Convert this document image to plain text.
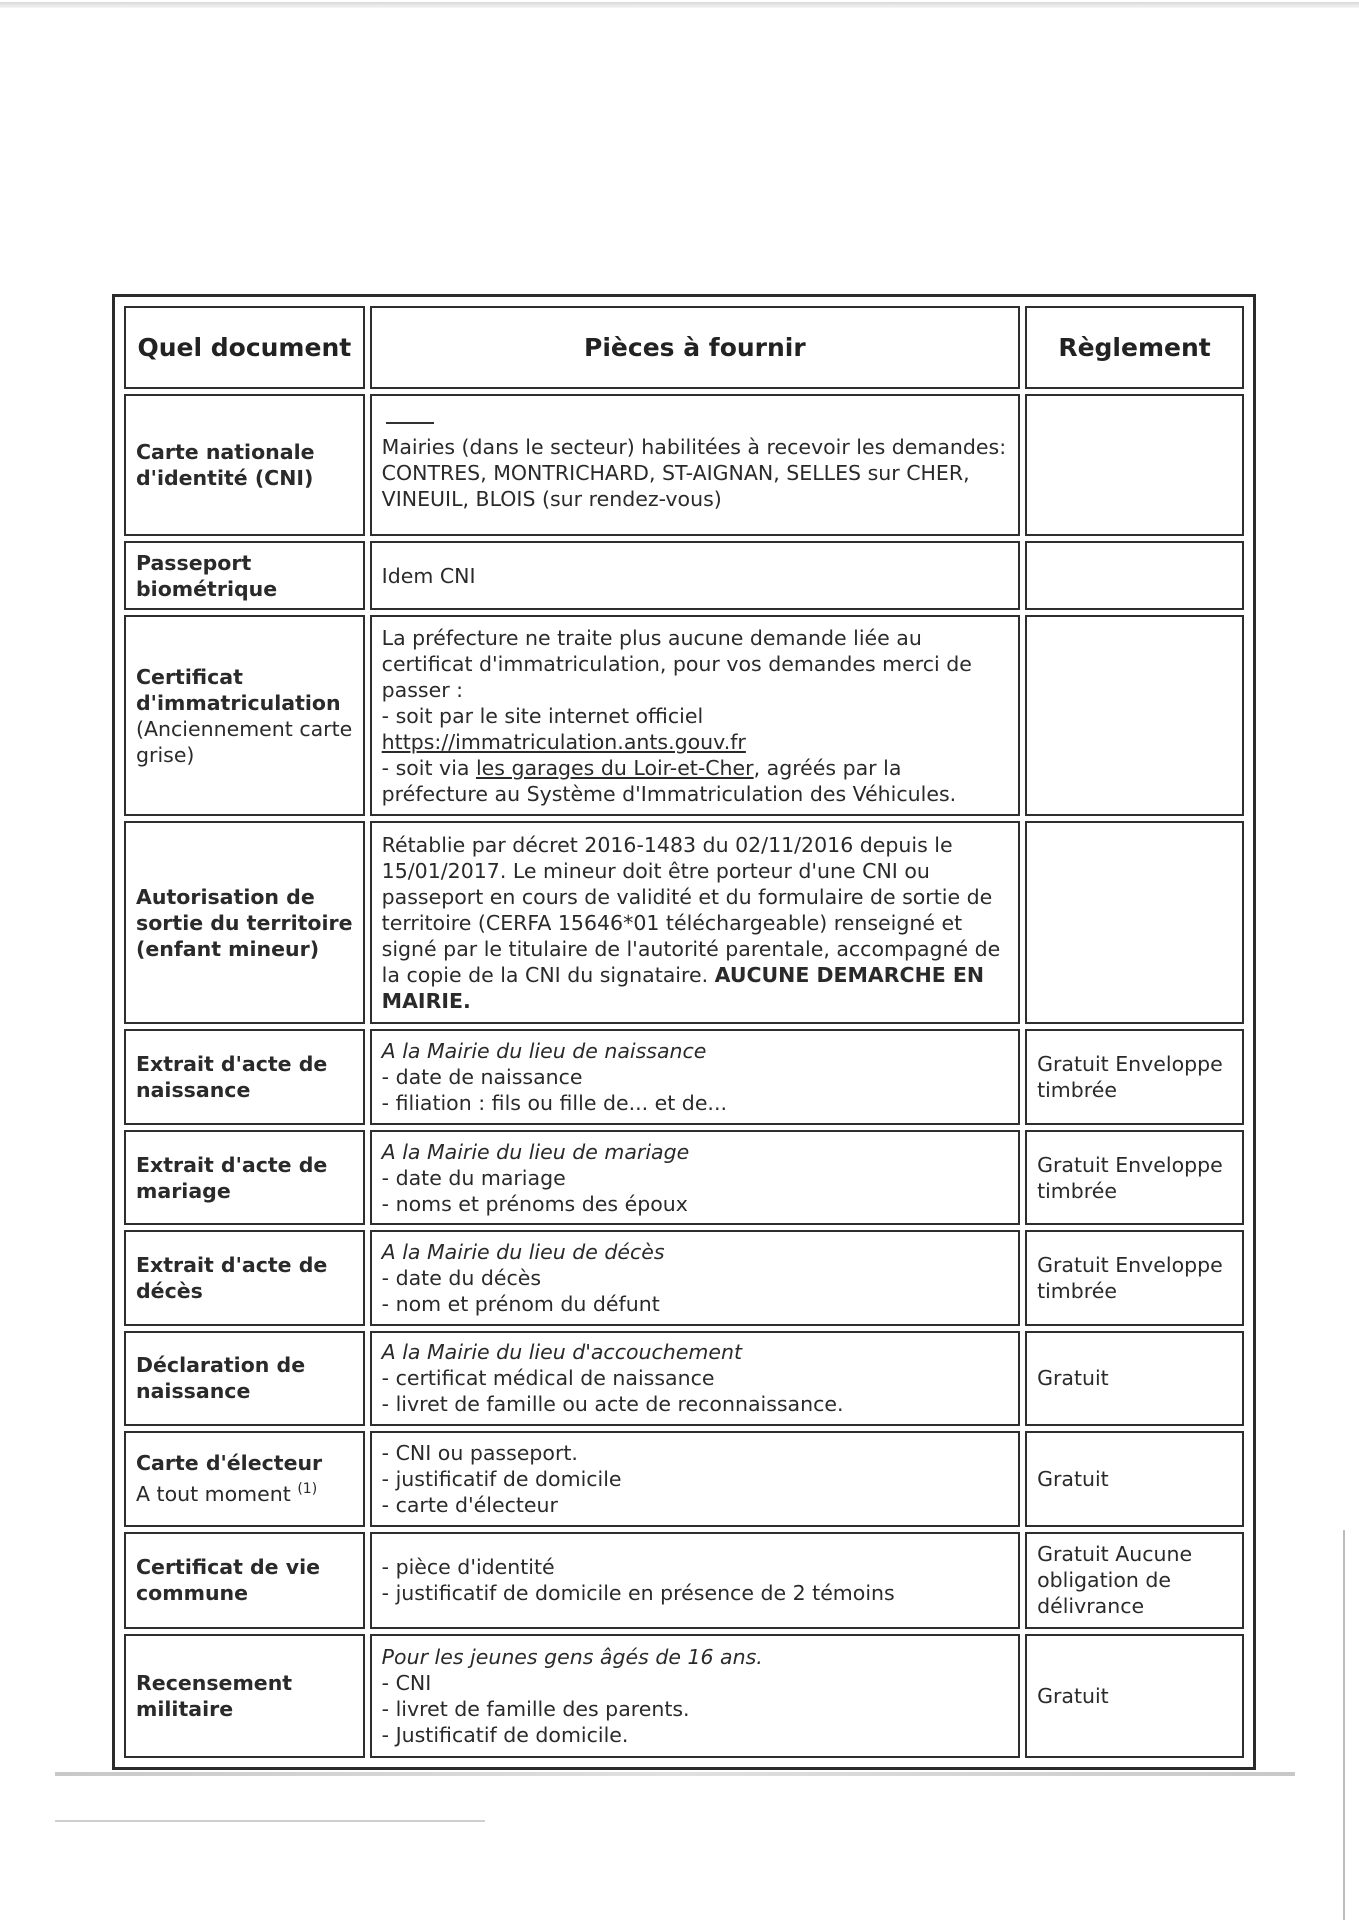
Quel document	Pièces à fournir	Règlement

Carte nationale d'identité (CNI)	Mairies (dans le secteur) habilitées à recevoir les demandes: CONTRES, MONTRICHARD, ST-AIGNAN, SELLES sur CHER, VINEUIL, BLOIS (sur rendez-vous)	

Passeport biométrique	Idem CNI	

Certificat d'immatriculation
(Anciennement carte grise)	La préfecture ne traite plus aucune demande liée au certificat d'immatriculation, pour vos demandes merci de passer :
- soit par le site internet officiel
https://immatriculation.ants.gouv.fr
- soit via les garages du Loir-et-Cher, agréés par la préfecture au Système d'Immatriculation des Véhicules.	

Autorisation de sortie du territoire (enfant mineur)	Rétablie par décret 2016-1483 du 02/11/2016 depuis le 15/01/2017. Le mineur doit être porteur d'une CNI ou passeport en cours de validité et du formulaire de sortie de territoire (CERFA 15646*01 téléchargeable) renseigné et signé par le titulaire de l'autorité parentale, accompagné de la copie de la CNI du signataire. AUCUNE DEMARCHE EN MAIRIE.	

Extrait d'acte de naissance	A la Mairie du lieu de naissance
- date de naissance
- filiation : fils ou fille de... et de...	Gratuit Enveloppe timbrée

Extrait d'acte de mariage	A la Mairie du lieu de mariage
- date du mariage
- noms et prénoms des époux	Gratuit Enveloppe timbrée

Extrait d'acte de décès	A la Mairie du lieu de décès
- date du décès
- nom et prénom du défunt	Gratuit Enveloppe timbrée

Déclaration de naissance	A la Mairie du lieu d'accouchement
- certificat médical de naissance
- livret de famille ou acte de reconnaissance.	Gratuit

Carte d'électeur
A tout moment $^{(1)}$	- CNI ou passeport.
- justificatif de domicile
- carte d'électeur	Gratuit

Certificat de vie commune	- pièce d'identité
- justificatif de domicile en présence de 2 témoins	Gratuit Aucune obligation de délivrance

Recensement militaire	Pour les jeunes gens âgés de 16 ans.
- CNI
- livret de famille des parents.
- Justificatif de domicile.	Gratuit
